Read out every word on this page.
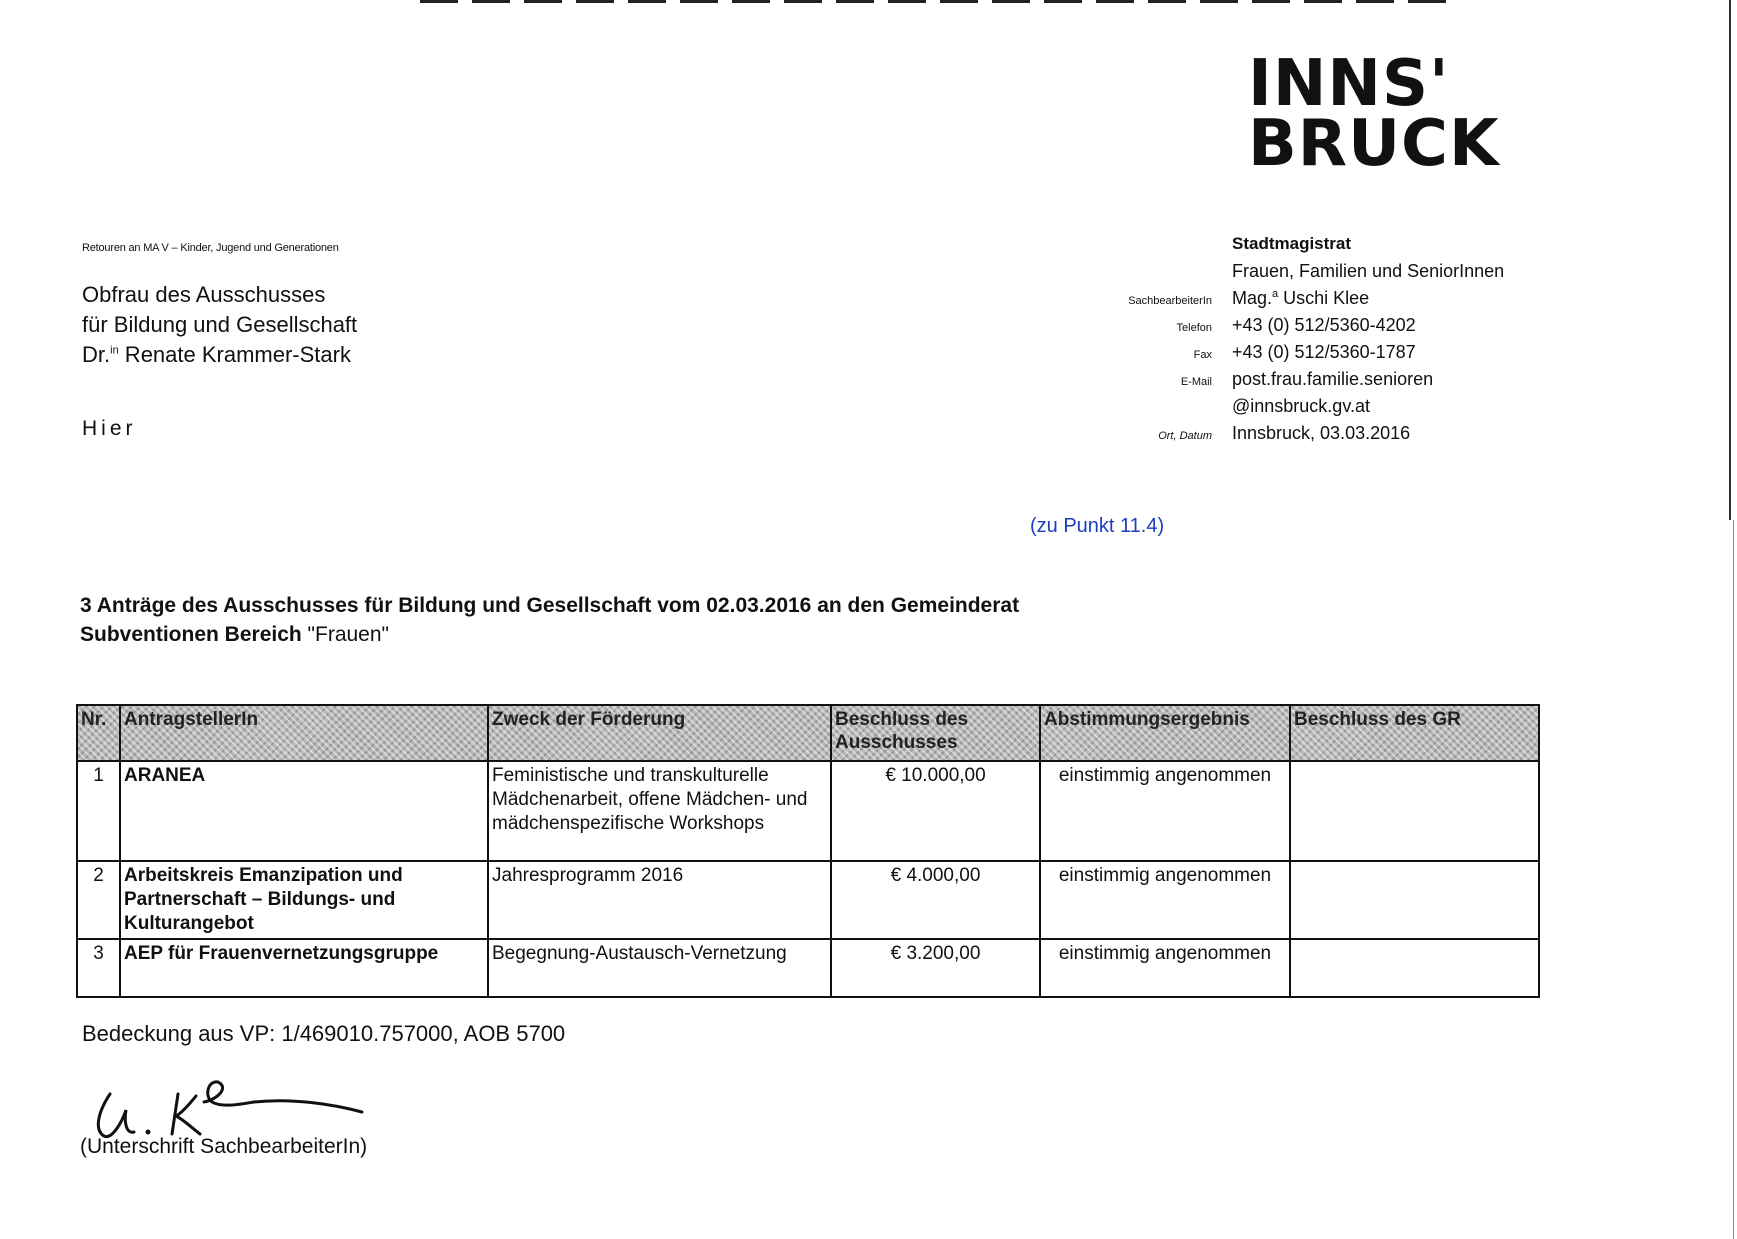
INNS'
BRUCK
Retouren an MA V – Kinder, Jugend und Generationen
Obfrau des Ausschusses
für Bildung und Gesellschaft
Dr.$^{in}$ Renate Krammer-Stark
Hier
Stadtmagistrat
Frauen, Familien und SeniorInnen
SachbearbeiterIn	Mag.$^a$ Uschi Klee
Telefon	+43 (0) 512/5360-4202
Fax	+43 (0) 512/5360-1787
E-Mail	post.frau.familie.senioren
@innsbruck.gv.at
Ort, Datum	Innsbruck, 03.03.2016
(zu Punkt 11.4)
3 Anträge des Ausschusses für Bildung und Gesellschaft vom 02.03.2016 an den Gemeinderat
Subventionen Bereich "Frauen"
Nr.	AntragstellerIn	Zweck der Förderung	Beschluss des Ausschusses	Abstimmungsergebnis	Beschluss des GR
1	ARANEA	Feministische und transkulturelle Mädchenarbeit, offene Mädchen- und mädchenspezifische Workshops	€ 10.000,00	einstimmig angenommen	
2	Arbeitskreis Emanzipation und Partnerschaft – Bildungs- und Kulturangebot	Jahresprogramm 2016	€ 4.000,00	einstimmig angenommen	
3	AEP für Frauenvernetzungsgruppe	Begegnung-Austausch-Vernetzung	€ 3.200,00	einstimmig angenommen	
Bedeckung aus VP: 1/469010.757000, AOB 5700
(Unterschrift SachbearbeiterIn)
